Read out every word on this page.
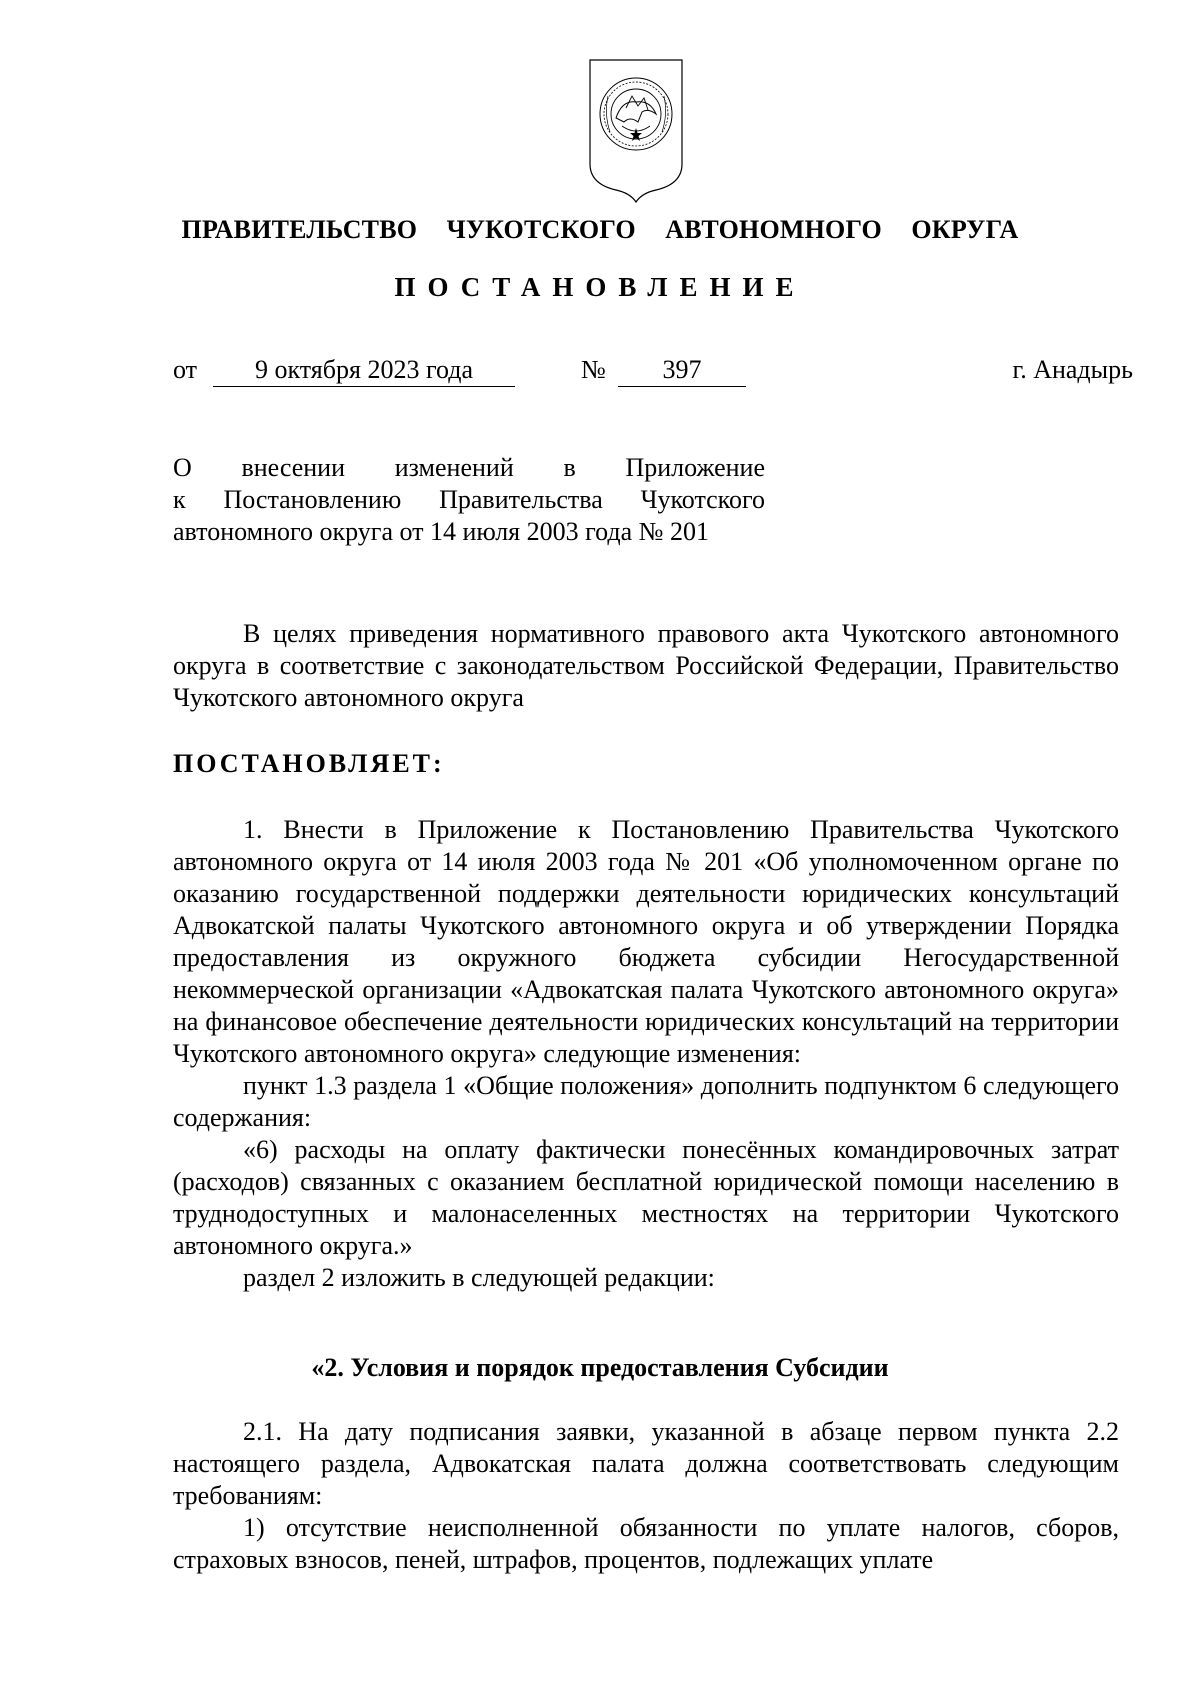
ПРАВИТЕЛЬСТВО  ЧУКОТСКОГО  АВТОНОМНОГО  ОКРУГА
ПОСТАНОВЛЕНИЕ
от	9 октября 2023 года	№	397	г. Анадырь
О внесении изменений в Приложение
к Постановлению Правительства Чукотского
автономного округа от 14 июля 2003 года № 201

В целях приведения нормативного правового акта Чукотского автономного округа в соответствие с законодательством Российской Федерации, Правительство Чукотского автономного округа

ПОСТАНОВЛЯЕТ:

1. Внести в Приложение к Постановлению Правительства Чукотского автономного округа от 14 июля 2003 года № 201 «Об уполномоченном органе по оказанию государственной поддержки деятельности юридических консультаций Адвокатской палаты Чукотского автономного округа и об утверждении Порядка предоставления из окружного бюджета субсидии Негосударственной некоммерческой организации «Адвокатская палата Чукотского автономного округа» на финансовое обеспечение деятельности юридических консультаций на территории Чукотского автономного округа» следующие изменения:

пункт 1.3 раздела 1 «Общие положения» дополнить подпунктом 6 следующего содержания:

«6) расходы на оплату фактически понесённых командировочных затрат (расходов) связанных с оказанием бесплатной юридической помощи населению в труднодоступных и малонаселенных местностях на территории Чукотского автономного округа.»

раздел 2 изложить в следующей редакции:

«2. Условия и порядок предоставления Субсидии

2.1. На дату подписания заявки, указанной в абзаце первом пункта 2.2 настоящего раздела, Адвокатская палата должна соответствовать следующим требованиям:

1) отсутствие неисполненной обязанности по уплате налогов, сборов, страховых взносов, пеней, штрафов, процентов, подлежащих уплате
